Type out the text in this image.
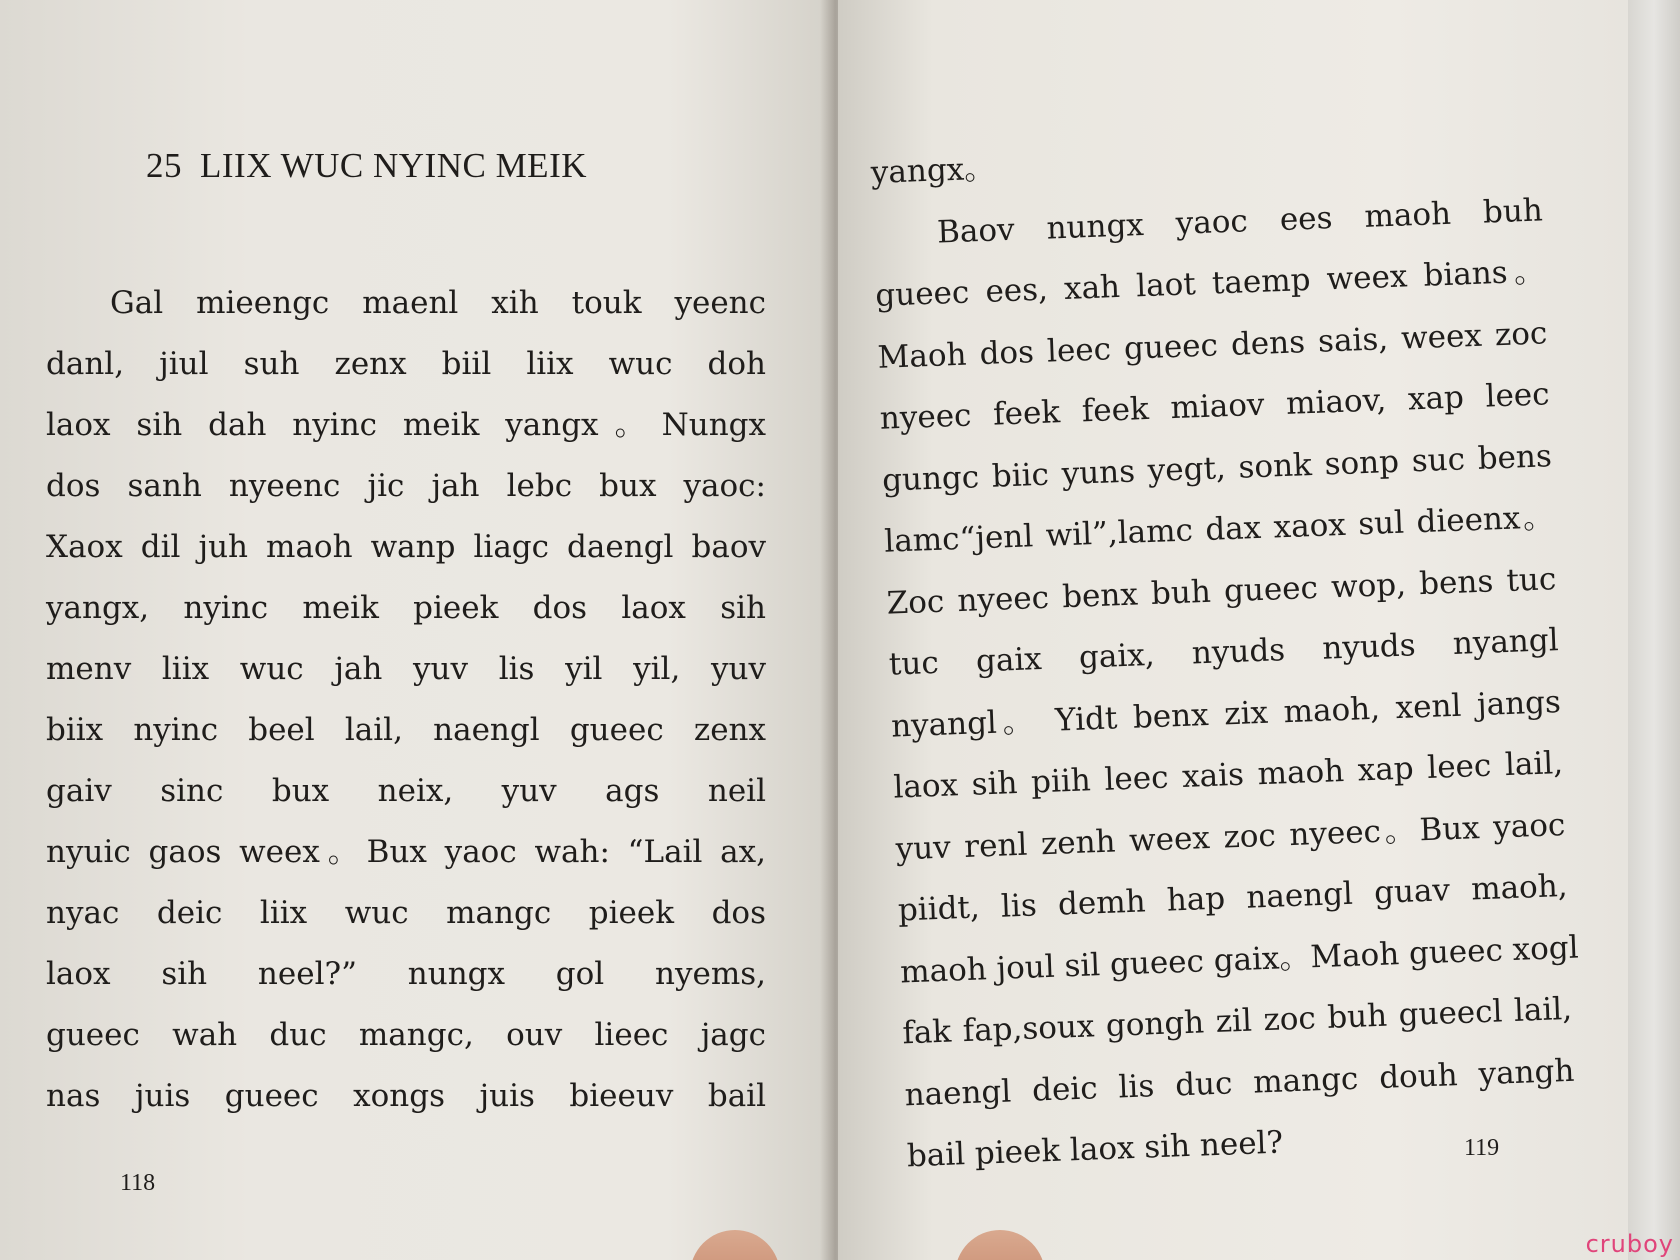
25 LIIX WUC NYINC MEIK
Gal mieengc maenl xih touk yeenc
danl, jiul suh zenx biil liix wuc doh
laox sih dah nyinc meik yangx。Nungx
dos sanh nyeenc jic jah lebc bux yaoc:
Xaox dil juh maoh wanp liagc daengl baov
yangx, nyinc meik pieek dos laox sih
menv liix wuc jah yuv lis yil yil, yuv
biix nyinc beel lail, naengl gueec zenx
gaiv sinc bux neix, yuv ags neil
nyuic gaos weex。Bux yaoc wah: “Lail ax,
nyac deic liix wuc mangc pieek dos
laox sih neel?” nungx gol nyems,
gueec wah duc mangc, ouv lieec jagc
nas juis gueec xongs juis bieeuv bail
118
yangx。
Baov nungx yaoc ees maoh buh
gueec ees, xah laot taemp weex bians。
Maoh dos leec gueec dens sais, weex zoc
nyeec feek feek miaov miaov, xap leec
gungc biic yuns yegt, sonk sonp suc bens
lamc“jenl wil”,lamc dax xaox sul dieenx。
Zoc nyeec benx buh gueec wop, bens tuc
tuc gaix gaix, nyuds nyuds nyangl
nyangl。 Yidt benx zix maoh, xenl jangs
laox sih piih leec xais maoh xap leec lail,
yuv renl zenh weex zoc nyeec。Bux yaoc
piidt, lis demh hap naengl guav maoh,
maoh joul sil gueec gaix。Maoh gueec xogl
fak fap,soux gongh zil zoc buh gueecl lail,
naengl deic lis duc mangc douh yangh
bail pieek laox sih neel?	119
cruboy
